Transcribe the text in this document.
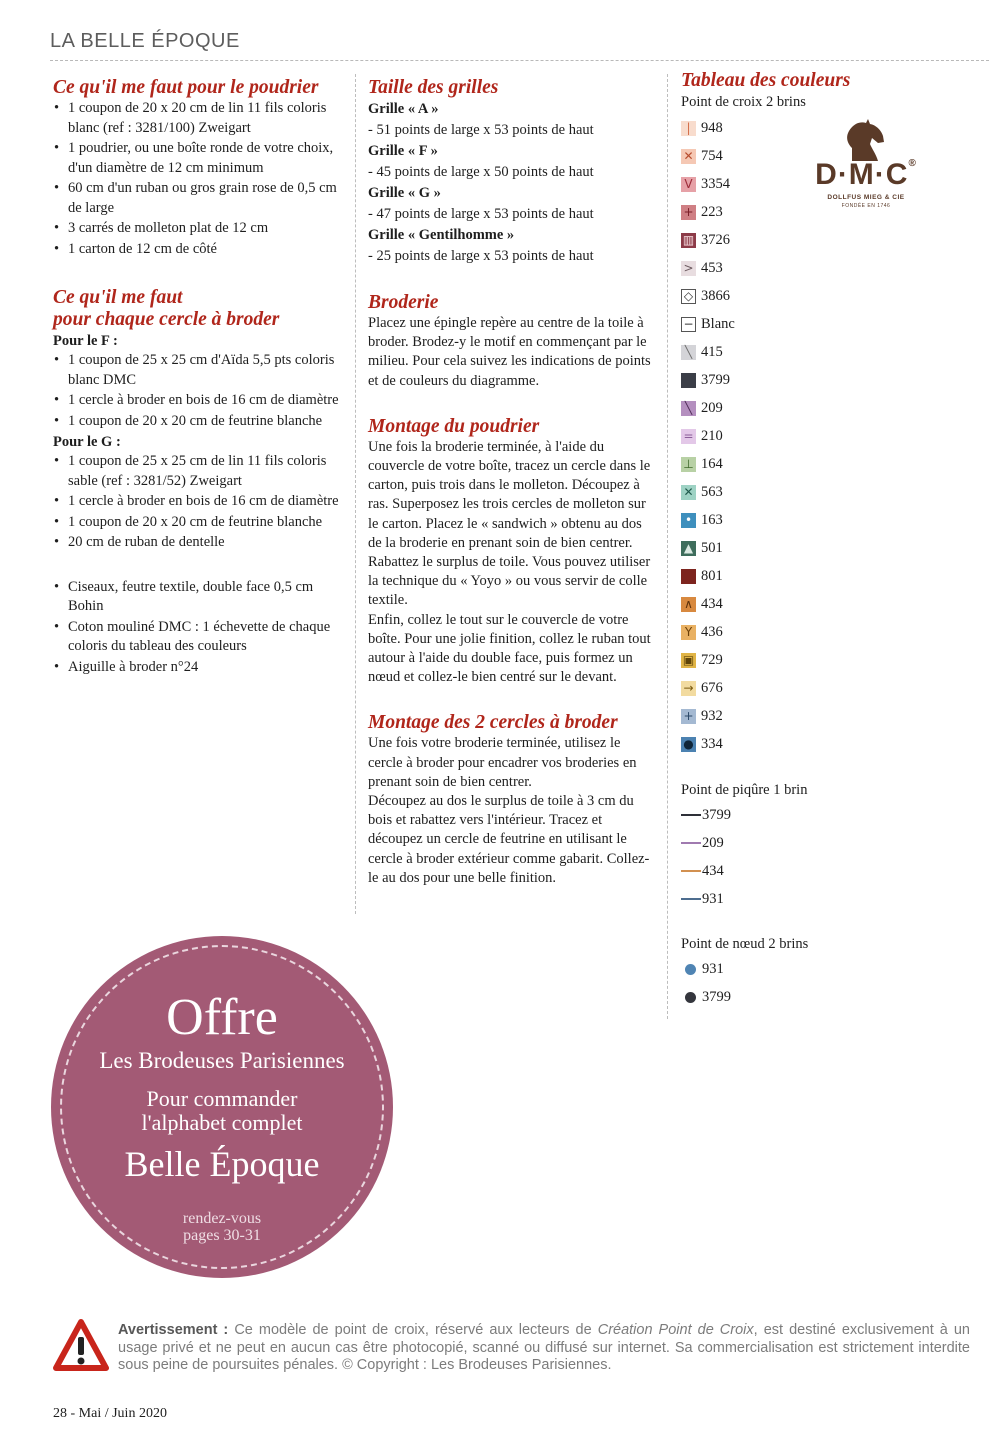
LA BELLE ÉPOQUE
Ce qu'il me faut pour le poudrier
• 1 coupon de 20 x 20 cm de lin 11 fils coloris blanc (ref : 3281/100) Zweigart
• 1 poudrier, ou une boîte ronde de votre choix, d'un diamètre de 12 cm minimum
• 60 cm d'un ruban ou gros grain rose de 0,5 cm de large
• 3 carrés de molleton plat de 12 cm
• 1 carton de 12 cm de côté
Ce qu'il me faut
pour chaque cercle à broder
Pour le F :
• 1 coupon de 25 x 25 cm d'Aïda 5,5 pts coloris blanc DMC
• 1 cercle à broder en bois de 16 cm de diamètre
• 1 coupon de 20 x 20 cm de feutrine blanche
Pour le G :
• 1 coupon de 25 x 25 cm de lin 11 fils coloris sable (ref : 3281/52) Zweigart
• 1 cercle à broder en bois de 16 cm de diamètre
• 1 coupon de 20 x 20 cm de feutrine blanche
• 20 cm de ruban de dentelle
• Ciseaux, feutre textile, double face 0,5 cm Bohin
• Coton mouliné DMC : 1 échevette de chaque coloris du tableau des couleurs
• Aiguille à broder n°24
Taille des grilles
Grille « A »
- 51 points de large x 53 points de haut
Grille « F »
- 45 points de large x 50 points de haut
Grille « G »
- 47 points de large x 53 points de haut
Grille « Gentilhomme »
- 25 points de large x 53 points de haut
Broderie

Placez une épingle repère au centre de la toile à broder. Brodez-y le motif en commençant par le milieu. Pour cela suivez les indications de points et de couleurs du diagramme.

Montage du poudrier

Une fois la broderie terminée, à l'aide du couvercle de votre boîte, tracez un cercle dans le carton, puis trois dans le molleton. Découpez à ras. Superposez les trois cercles de molleton sur le carton. Placez le « sandwich » obtenu au dos de la broderie en prenant soin de bien centrer. Rabattez le surplus de toile. Vous pouvez utiliser la technique du « Yoyo » ou vous servir de colle textile.

Enfin, collez le tout sur le couvercle de votre boîte. Pour une jolie finition, collez le ruban tout autour à l'aide du double face, puis formez un nœud et collez-le bien centré sur le devant.

Montage des 2 cercles à broder

Une fois votre broderie terminée, utilisez le cercle à broder pour encadrer vos broderies en prenant soin de bien centrer.

Découpez au dos le surplus de toile à 3 cm du bois et rabattez vers l'intérieur. Tracez et découpez un cercle de feutrine en utilisant le cercle à broder extérieur comme gabarit. Collez-le au dos pour une belle finition.

Tableau des couleurs
Point de croix 2 brins
| 948
✕ 754
V 3354
+ 223
▥ 3726
> 453
◇ 3866
− Blanc
╲ 415
3799
╲ 209
= 210
⊥ 164
✕ 563
• 163
▲ 501
801
∧ 434
Y 436
▣ 729
→ 676
+ 932
● 334
Point de piqûre 1 brin
3799
209
434
931
Point de nœud 2 brins
931
3799
D·M·C®
DOLLFUS MIEG & CIE
FONDÉE EN 1746
Offre
Les Brodeuses Parisiennes
Pour commander
l'alphabet complet
Belle Époque
rendez-vous
pages 30-31
Avertissement : Ce modèle de point de croix, réservé aux lecteurs de Création Point de Croix, est destiné exclusivement à un usage privé et ne peut en aucun cas être photocopié, scanné ou diffusé sur internet. Sa commercialisation est strictement interdite sous peine de poursuites pénales. © Copyright : Les Brodeuses Parisiennes.
28 - Mai / Juin 2020
